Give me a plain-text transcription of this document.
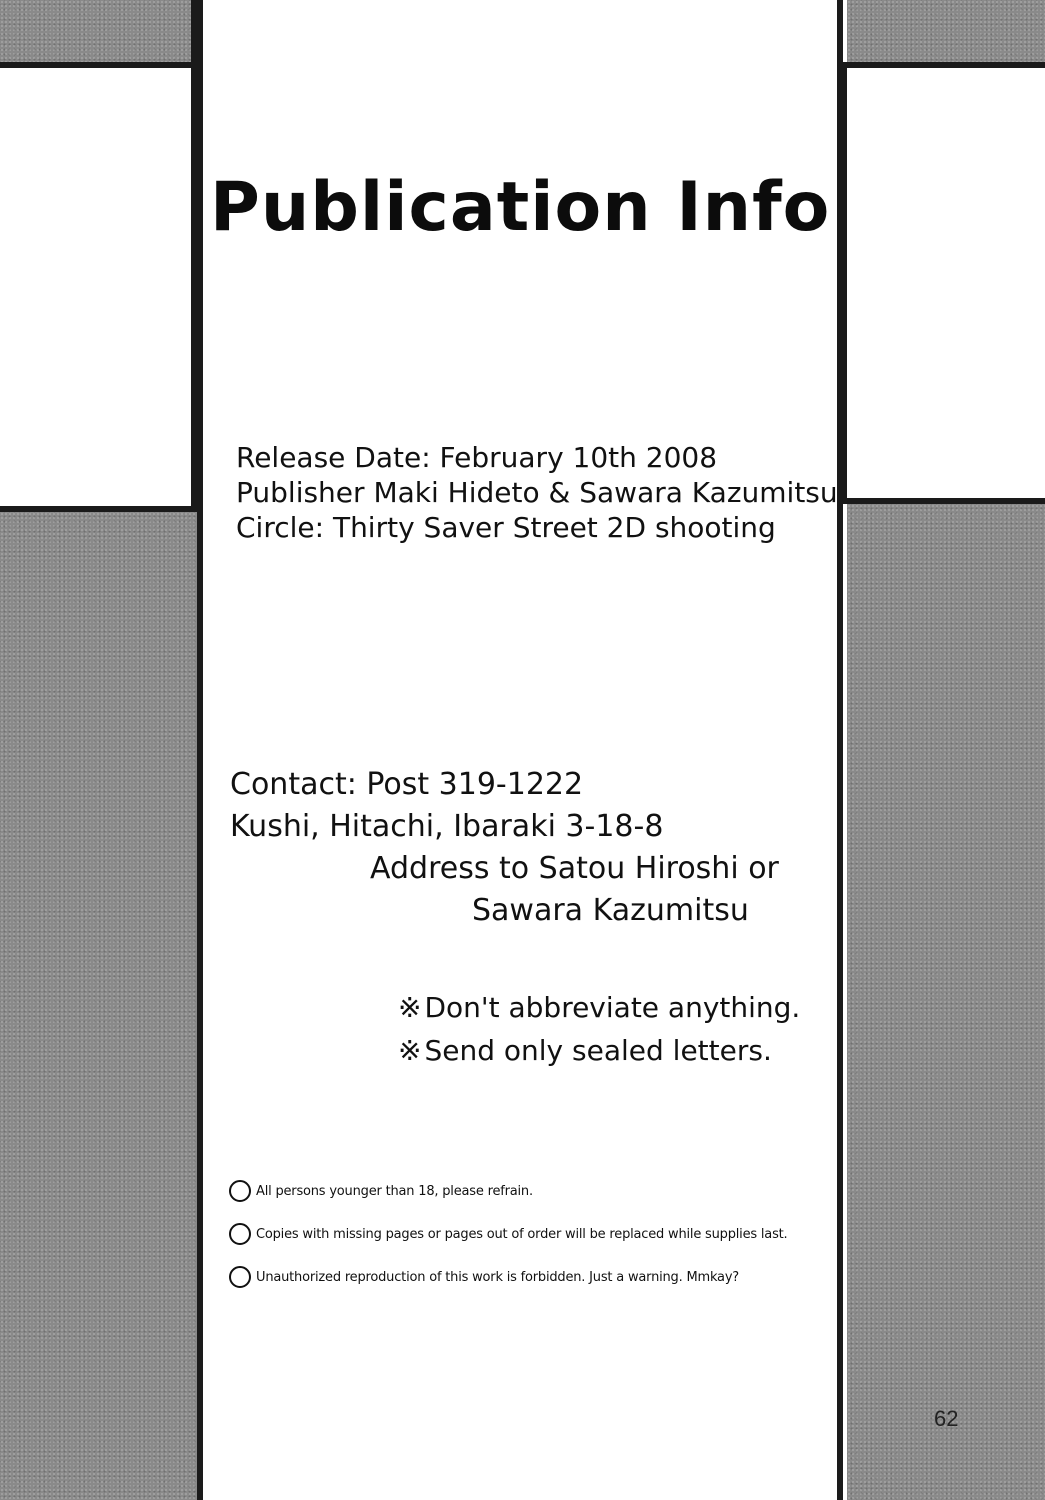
Publication Info
Release Date: February 10th 2008
Publisher Maki Hideto & Sawara Kazumitsu
Circle: Thirty Saver Street 2D shooting
Contact: Post 319-1222
Kushi, Hitachi, Ibaraki 3-18-8
Address to Satou Hiroshi or
Sawara Kazumitsu
※ Don't abbreviate anything.
※ Send only sealed letters.
All persons younger than 18, please refrain.
Copies with missing pages or pages out of order will be replaced while supplies last.
Unauthorized reproduction of this work is forbidden. Just a warning. Mmkay?
62
